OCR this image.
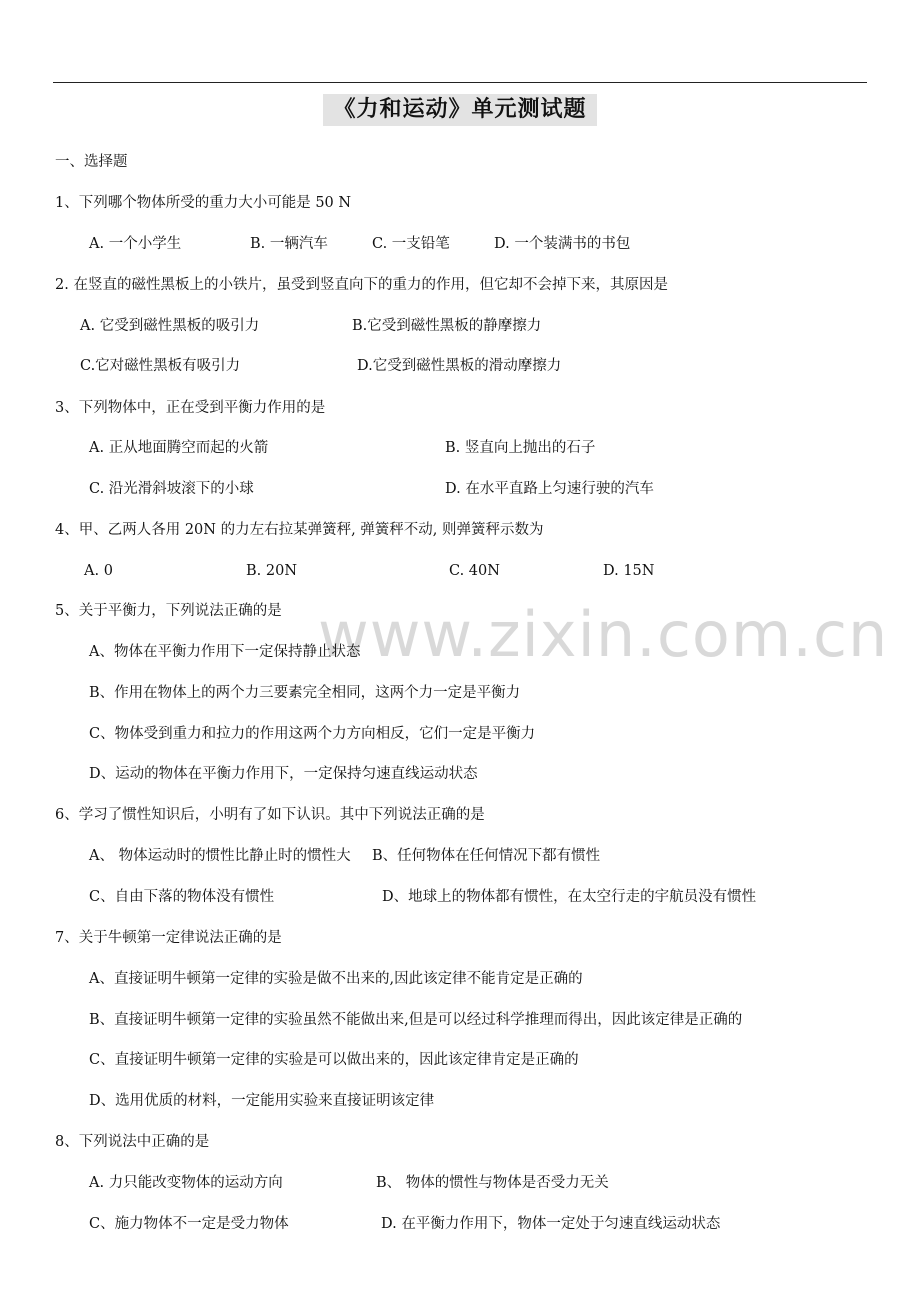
《力和运动》单元测试题
www.zixin.com.cn
一、选择题
1、下列哪个物体所受的重力大小可能是 50 N
A. 一个小学生	B. 一辆汽车	C. 一支铅笔	D. 一个装满书的书包
2. 在竖直的磁性黑板上的小铁片，虽受到竖直向下的重力的作用，但它却不会掉下来，其原因是
A. 它受到磁性黑板的吸引力	B.它受到磁性黑板的静摩擦力
C.它对磁性黑板有吸引力	D.它受到磁性黑板的滑动摩擦力
3、下列物体中，正在受到平衡力作用的是
A. 正从地面腾空而起的火箭	B. 竖直向上抛出的石子
C. 沿光滑斜坡滚下的小球	D. 在水平直路上匀速行驶的汽车
4、甲、乙两人各用 20N 的力左右拉某弹簧秤, 弹簧秤不动, 则弹簧秤示数为
A. 0	B. 20N	C. 40N	D. 15N
5、关于平衡力，下列说法正确的是
A、物体在平衡力作用下一定保持静止状态
B、作用在物体上的两个力三要素完全相同，这两个力一定是平衡力
C、物体受到重力和拉力的作用这两个力方向相反，它们一定是平衡力
D、运动的物体在平衡力作用下，一定保持匀速直线运动状态
6、学习了惯性知识后，小明有了如下认识。其中下列说法正确的是
A、 物体运动时的惯性比静止时的惯性大 B、任何物体在任何情况下都有惯性
C、自由下落的物体没有惯性	D、地球上的物体都有惯性，在太空行走的宇航员没有惯性
7、关于牛顿第一定律说法正确的是
A、直接证明牛顿第一定律的实验是做不出来的,因此该定律不能肯定是正确的
B、直接证明牛顿第一定律的实验虽然不能做出来,但是可以经过科学推理而得出，因此该定律是正确的
C、直接证明牛顿第一定律的实验是可以做出来的，因此该定律肯定是正确的
D、选用优质的材料，一定能用实验来直接证明该定律
8、下列说法中正确的是
A. 力只能改变物体的运动方向	B、 物体的惯性与物体是否受力无关
C、施力物体不一定是受力物体	D. 在平衡力作用下，物体一定处于匀速直线运动状态
